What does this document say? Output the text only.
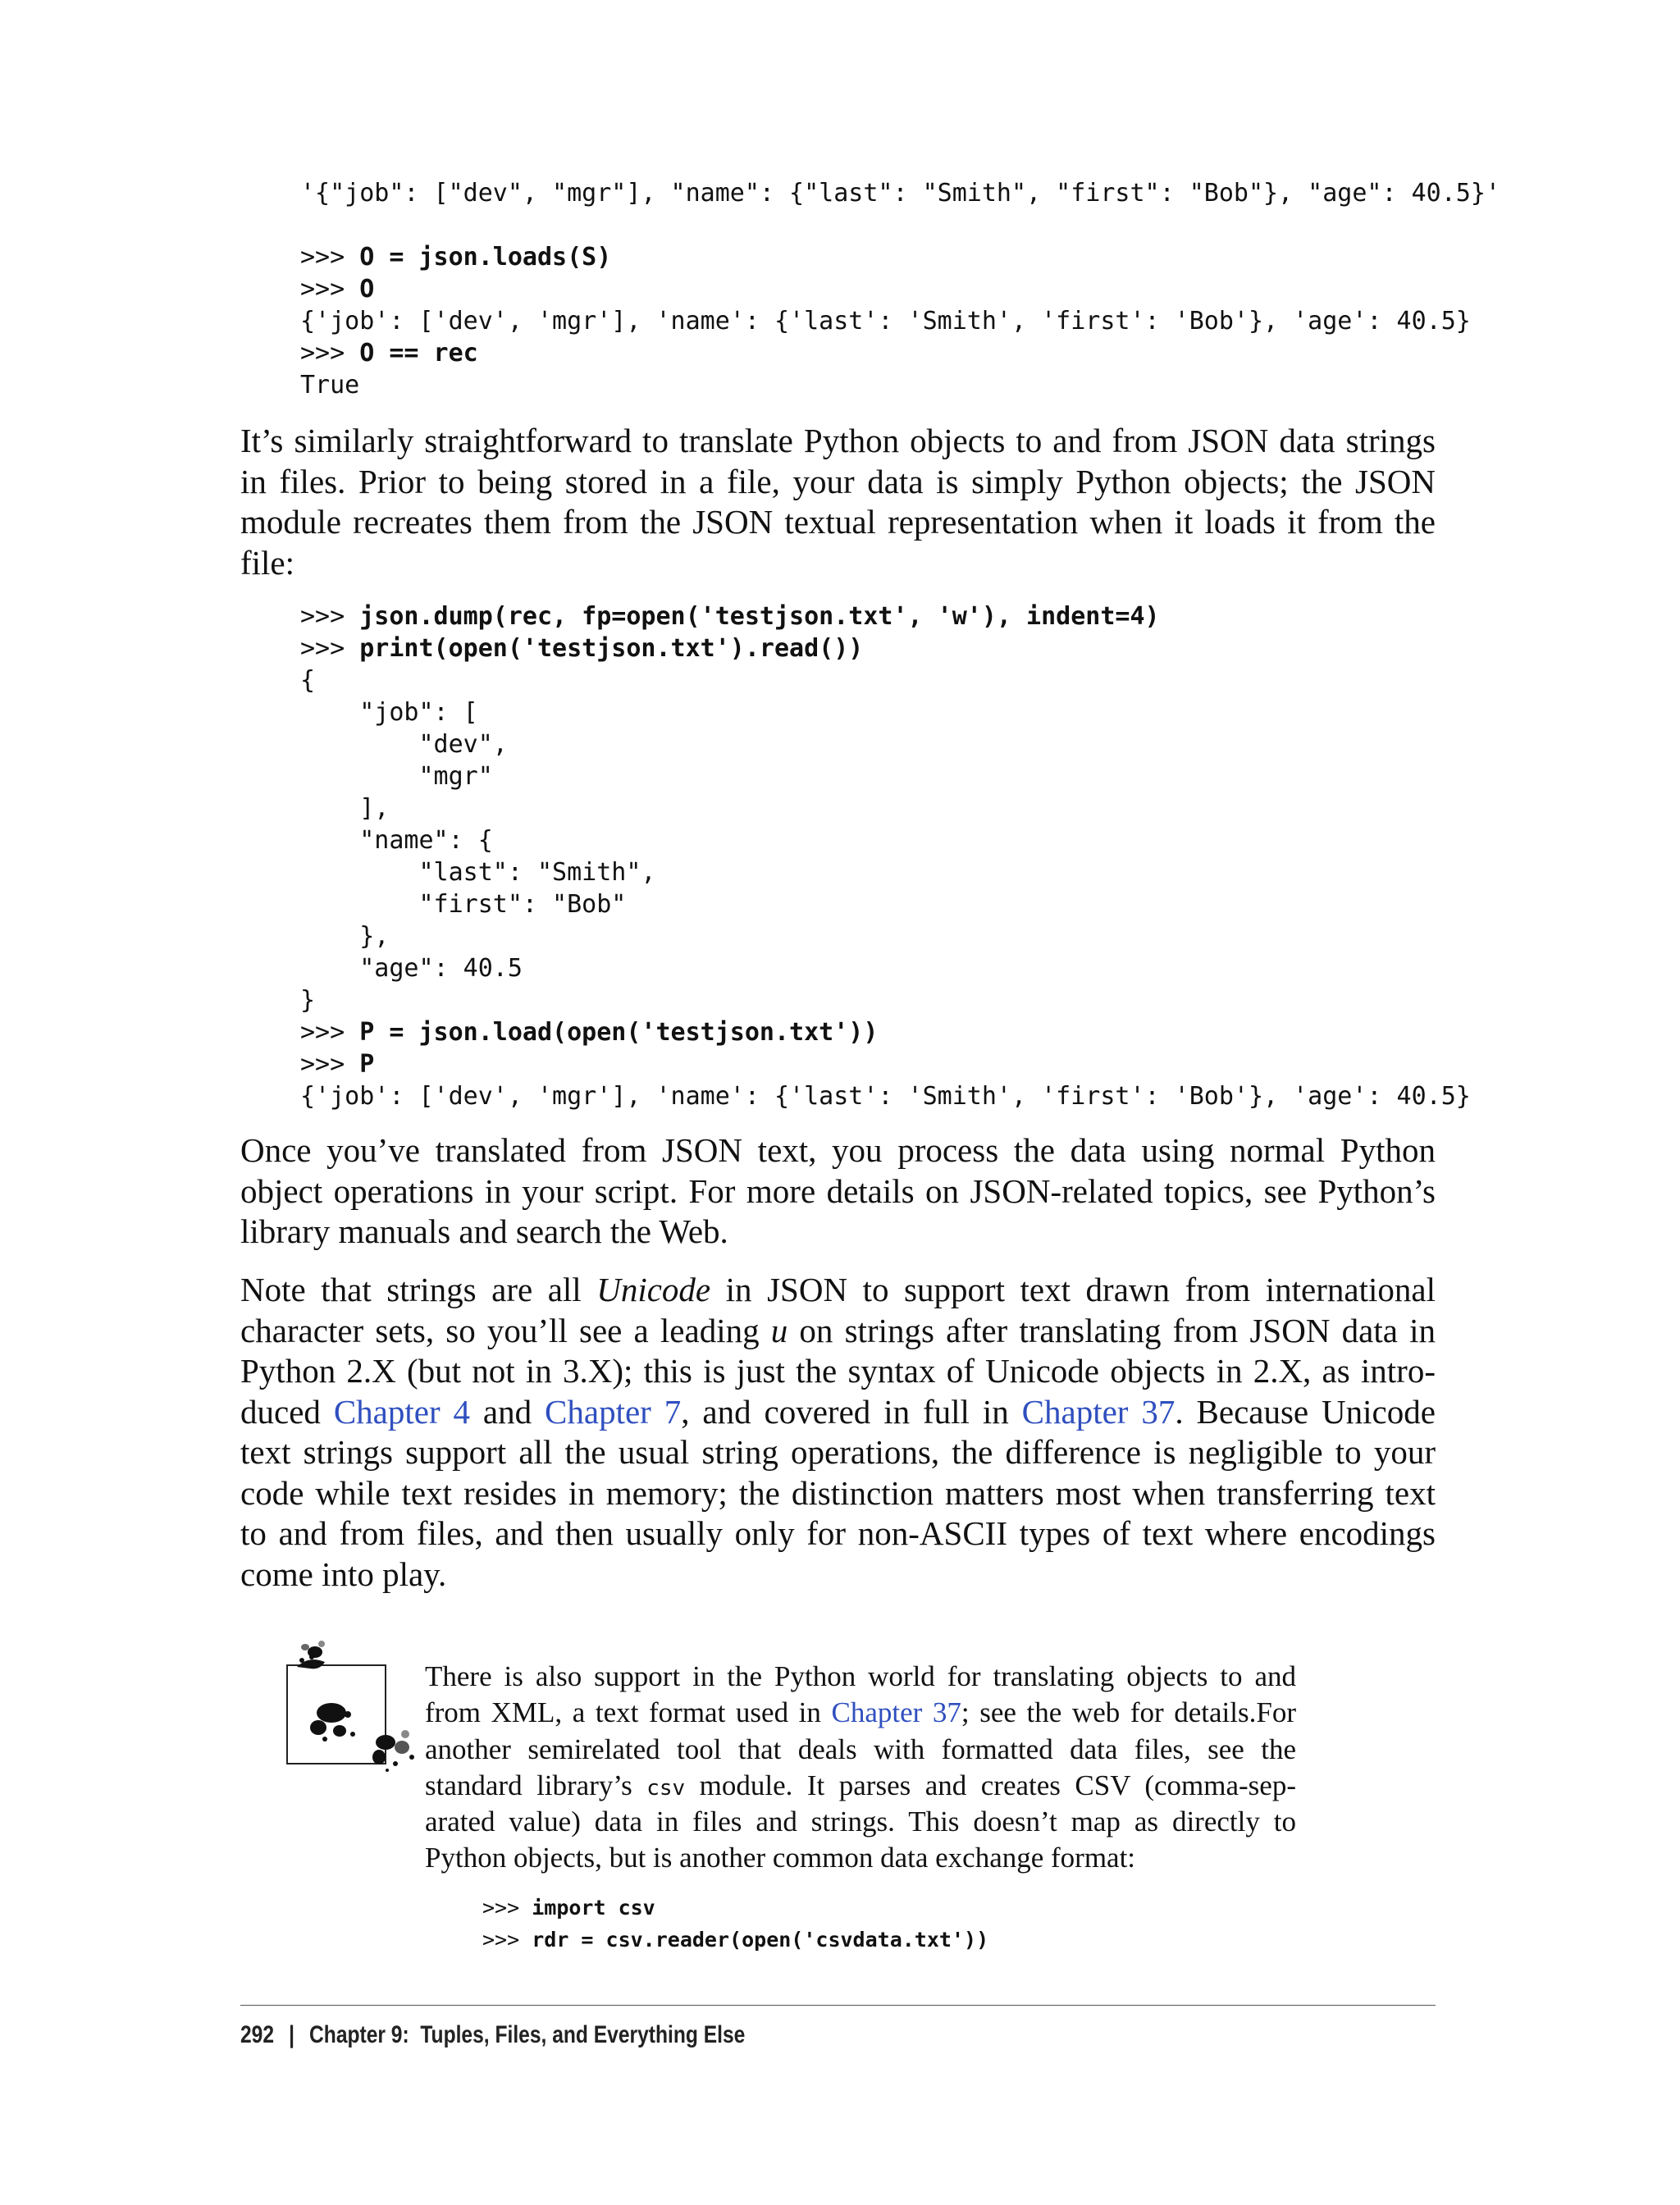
'{"job": ["dev", "mgr"], "name": {"last": "Smith", "first": "Bob"}, "age": 40.5}'
>>> O = json.loads(S)
>>> O
{'job': ['dev', 'mgr'], 'name': {'last': 'Smith', 'first': 'Bob'}, 'age': 40.5}
>>> O == rec
True
It’s similarly straightforward to translate Python objects to and from JSON data strings
in files. Prior to being stored in a file, your data is simply Python objects; the JSON
module recreates them from the JSON textual representation when it loads it from the
file:
>>> json.dump(rec, fp=open('testjson.txt', 'w'), indent=4)
>>> print(open('testjson.txt').read())
{
"job": [
"dev",
"mgr"
],
"name": {
"last": "Smith",
"first": "Bob"
},
"age": 40.5
}
>>> P = json.load(open('testjson.txt'))
>>> P
{'job': ['dev', 'mgr'], 'name': {'last': 'Smith', 'first': 'Bob'}, 'age': 40.5}
Once you’ve translated from JSON text, you process the data using normal Python
object operations in your script. For more details on JSON-related topics, see Python’s
library manuals and search the Web.
Note that strings are all Unicode in JSON to support text drawn from international
character sets, so you’ll see a leading u on strings after translating from JSON data in
Python 2.X (but not in 3.X); this is just the syntax of Unicode objects in 2.X, as intro-
duced Chapter 4 and Chapter 7, and covered in full in Chapter 37. Because Unicode
text strings support all the usual string operations, the difference is negligible to your
code while text resides in memory; the distinction matters most when transferring text
to and from files, and then usually only for non-ASCII types of text where encodings
come into play.
There is also support in the Python world for translating objects to and
from XML, a text format used in Chapter 37; see the web for details.For
another semirelated tool that deals with formatted data files, see the
standard library’s csv module. It parses and creates CSV (comma-sep-
arated value) data in files and strings. This doesn’t map as directly to
Python objects, but is another common data exchange format:
>>> import csv
>>> rdr = csv.reader(open('csvdata.txt'))
292 | Chapter 9:  Tuples, Files, and Everything Else
